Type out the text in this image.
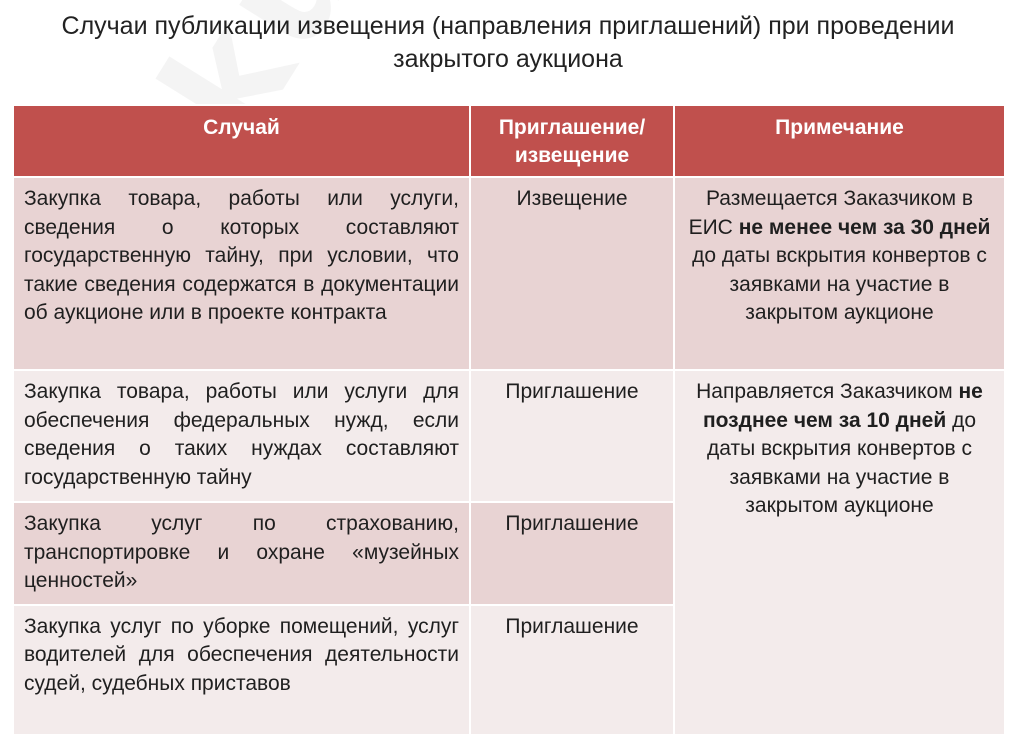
Случаи публикации извещения (направления приглашений) при проведении
закрытого аукциона
Случай	Приглашение/ извещение	Примечание
Закупка товара, работы или услуги, сведения о которых составляют государственную тайну, при условии, что такие сведения содержатся в документации об аукционе или в проекте контракта	Извещение	Размещается Заказчиком в ЕИС не менее чем за 30 дней до даты вскрытия конвертов с заявками на участие в закрытом аукционе
Закупка товара, работы или услуги для обеспечения федеральных нужд, если сведения о таких нуждах составляют государственную тайну	Приглашение	Направляется Заказчиком не позднее чем за 10 дней до даты вскрытия конвертов с заявками на участие в закрытом аукционе
Закупка услуг по страхованию, транспортировке и охране «музейных ценностей»	Приглашение	
Закупка услуг по уборке помещений, услуг водителей для обеспечения деятельности судей, судебных приставов	Приглашение	
